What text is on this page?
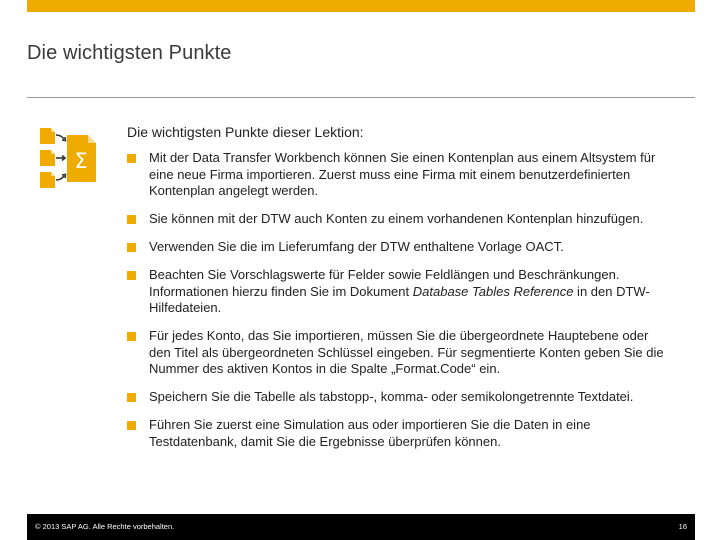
Die wichtigsten Punkte
Σ
Die wichtigsten Punkte dieser Lektion:
Mit der Data Transfer Workbench können Sie einen Kontenplan aus einem Altsystem für eine neue Firma importieren. Zuerst muss eine Firma mit einem benutzerdefinierten Kontenplan angelegt werden.
Sie können mit der DTW auch Konten zu einem vorhandenen Kontenplan hinzufügen.
Verwenden Sie die im Lieferumfang der DTW enthaltene Vorlage OACT.
Beachten Sie Vorschlagswerte für Felder sowie Feldlängen und Beschränkungen. Informationen hierzu finden Sie im Dokument Database Tables Reference in den DTW-Hilfedateien.
Für jedes Konto, das Sie importieren, müssen Sie die übergeordnete Hauptebene oder den Titel als übergeordneten Schlüssel eingeben. Für segmentierte Konten geben Sie die Nummer des aktiven Kontos in die Spalte „Format.Code“ ein.
Speichern Sie die Tabelle als tabstopp-, komma- oder semikolongetrennte Textdatei.
Führen Sie zuerst eine Simulation aus oder importieren Sie die Daten in eine Testdatenbank, damit Sie die Ergebnisse überprüfen können.
© 2013 SAP AG. Alle Rechte vorbehalten.	16
